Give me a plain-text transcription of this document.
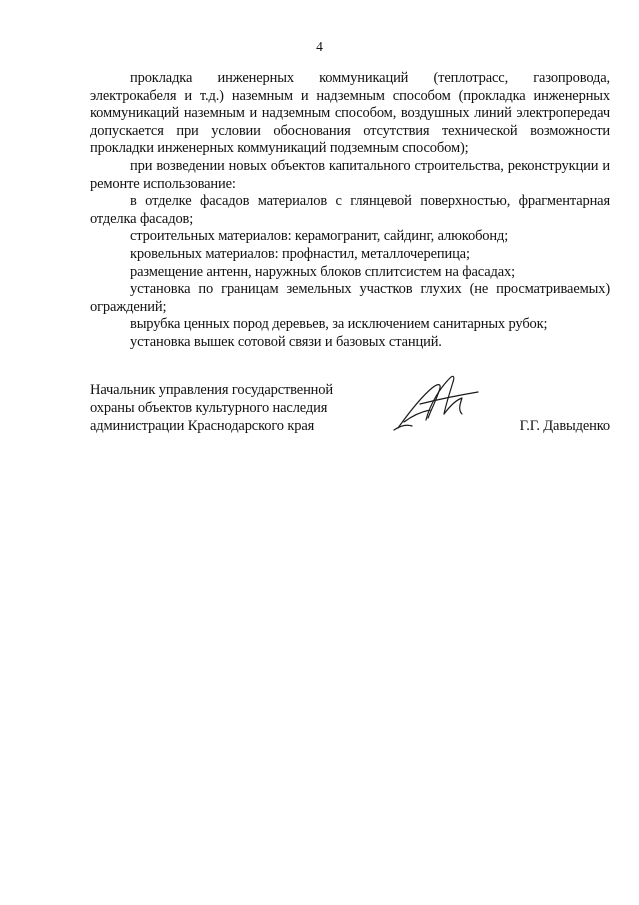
4

прокладка инженерных коммуникаций (теплотрасс, газопровода, электрокабеля и т.д.) наземным и надземным способом (прокладка инженерных коммуникаций наземным и надземным способом, воздушных линий электропередач допускается при условии обоснования отсутствия технической возможности прокладки инженерных коммуникаций подземным способом);

при возведении новых объектов капитального строительства, реконструкции и ремонте использование:

в отделке фасадов материалов с глянцевой поверхностью, фрагментарная отделка фасадов;

строительных материалов: керамогранит, сайдинг, алюкобонд;

кровельных материалов: профнастил, металлочерепица;

размещение антенн, наружных блоков сплитсистем на фасадах;

установка по границам земельных участков глухих (не просматриваемых) ограждений;

вырубка ценных пород деревьев, за исключением санитарных рубок;

установка вышек сотовой связи и базовых станций.

Начальник управления государственной
охраны объектов культурного наследия
администрации Краснодарского края	Г.Г. Давыденко
